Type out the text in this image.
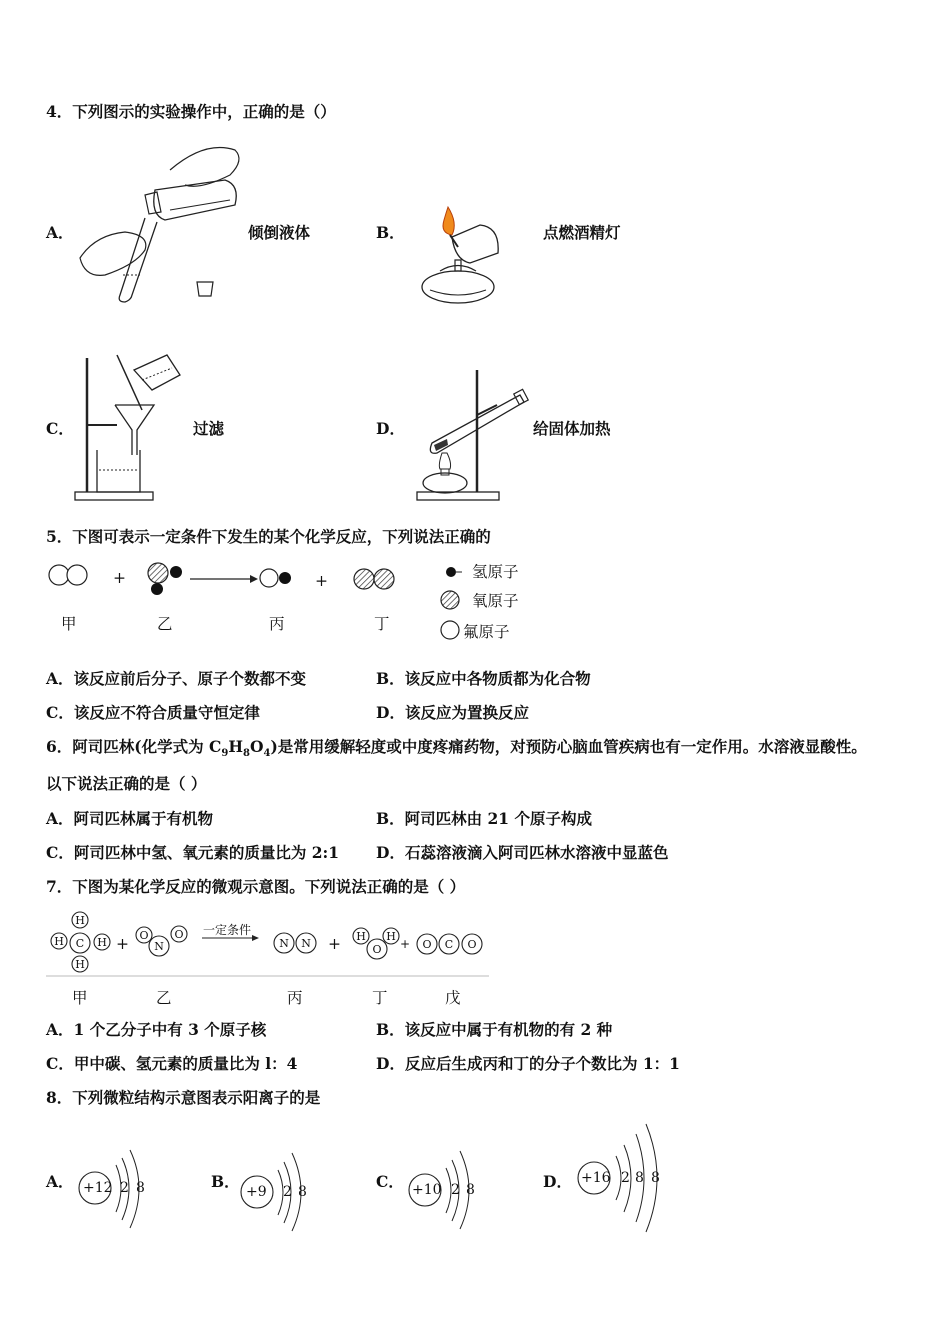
4．下列图示的实验操作中，正确的是（）
A．	倾倒液体	B．	点燃酒精灯
C．	过滤	D．	给固体加热
5．下图可表示一定条件下发生的某个化学反应，下列说法正确的
+	+	氢原子
氧原子
氟原子
甲	乙	丙	丁
A．该反应前后分子、原子个数都不变	B．该反应中各物质都为化合物
C．该反应不符合质量守恒定律	D．该反应为置换反应
6．阿司匹林(化学式为 $C_9H_8O_4$)是常用缓解轻度或中度疼痛药物，对预防心脑血管疾病也有一定作用。水溶液显酸性。
以下说法正确的是（ ）
A．阿司匹林属于有机物	B．阿司匹林由 21 个原子构成
C．阿司匹林中氢、氧元素的质量比为 2:1 D．石蕊溶液滴入阿司匹林水溶液中显蓝色
7．下图为某化学反应的微观示意图。下列说法正确的是（ ）
C
H
H
H	H
O
N
O
N N
H
O
H
O C O
+	+	+
一定条件
甲	乙	丙	丁	戊
A．1 个乙分子中有 3 个原子核	B．该反应中属于有机物的有 2 种
C．甲中碳、氢元素的质量比为 l：4	D．反应后生成丙和丁的分子个数比为 1：1
8．下列微粒结构示意图表示阳离子的是
A． +12 2 8	B．
+9 2 8
C． +10 2 8	D． +16 2 8 8
